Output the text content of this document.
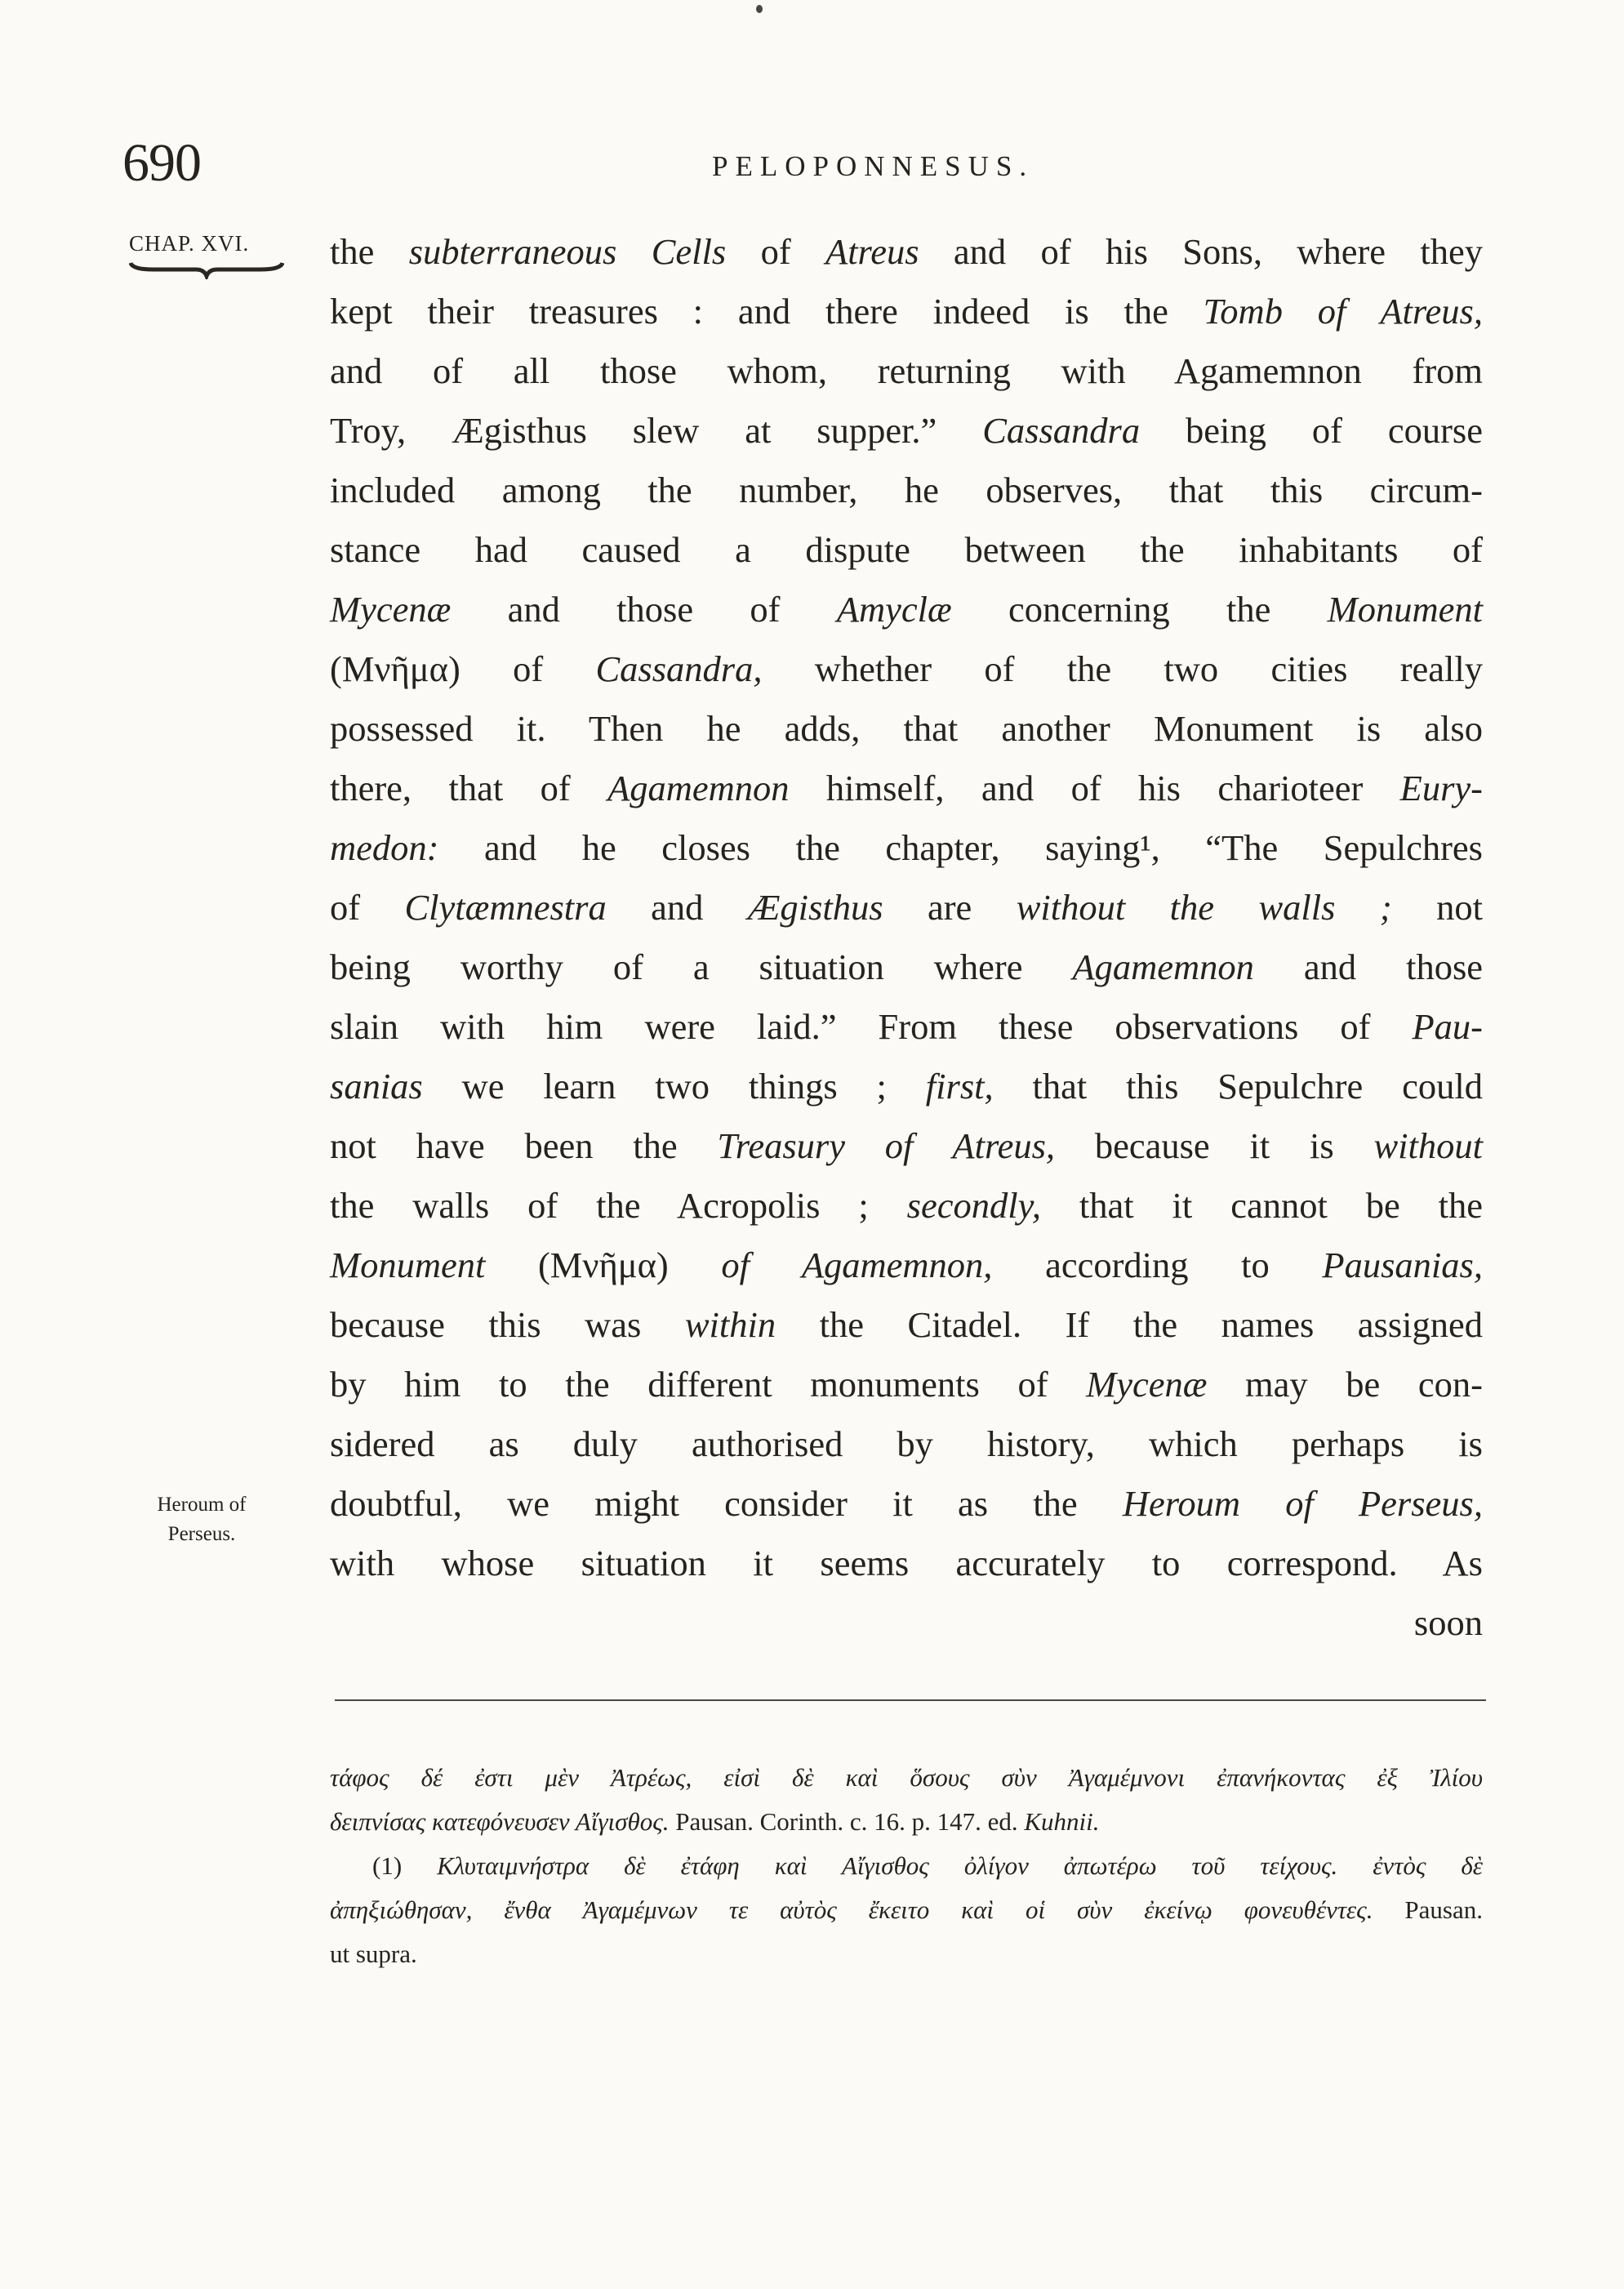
690	PELOPONNESUS.
CHAP. XVI.
Heroum of
Perseus.
the subterraneous Cells of Atreus and of his Sons, where they
kept their treasures : and there indeed is the Tomb of Atreus,
and of all those whom, returning with Agamemnon from
Troy, Ægisthus slew at supper.” Cassandra being of course
included among the number, he observes, that this circum-
stance had caused a dispute between the inhabitants of
Mycenæ and those of Amyclæ concerning the Monument
(Μνῆμα) of Cassandra, whether of the two cities really
possessed it. Then he adds, that another Monument is also
there, that of Agamemnon himself, and of his charioteer Eury-
medon: and he closes the chapter, saying¹, “The Sepulchres
of Clytæmnestra and Ægisthus are without the walls ; not
being worthy of a situation where Agamemnon and those
slain with him were laid.” From these observations of Pau-
sanias we learn two things ; first, that this Sepulchre could
not have been the Treasury of Atreus, because it is without
the walls of the Acropolis ; secondly, that it cannot be the
Monument (Μνῆμα) of Agamemnon, according to Pausanias,
because this was within the Citadel. If the names assigned
by him to the different monuments of Mycenæ may be con-
sidered as duly authorised by history, which perhaps is
doubtful, we might consider it as the Heroum of Perseus,
with whose situation it seems accurately to correspond. As
soon
τάφος δέ ἐστι μὲν Ἀτρέως, εἰσὶ δὲ καὶ ὅσους σὺν Ἀγαμέμνονι ἐπανήκοντας ἐξ Ἰλίου
δειπνίσας κατεφόνευσεν Αἴγισθος. Pausan. Corinth. c. 16. p. 147. ed. Kuhnii.
(1) Κλυταιμνήστρα δὲ ἐτάφη καὶ Αἴγισθος ὀλίγον ἀπωτέρω τοῦ τείχους. ἐντὸς δὲ
ἀπηξιώθησαν, ἔνθα Ἀγαμέμνων τε αὐτὸς ἔκειτο καὶ οἱ σὺν ἐκείνῳ φονευθέντες. Pausan.
ut supra.
